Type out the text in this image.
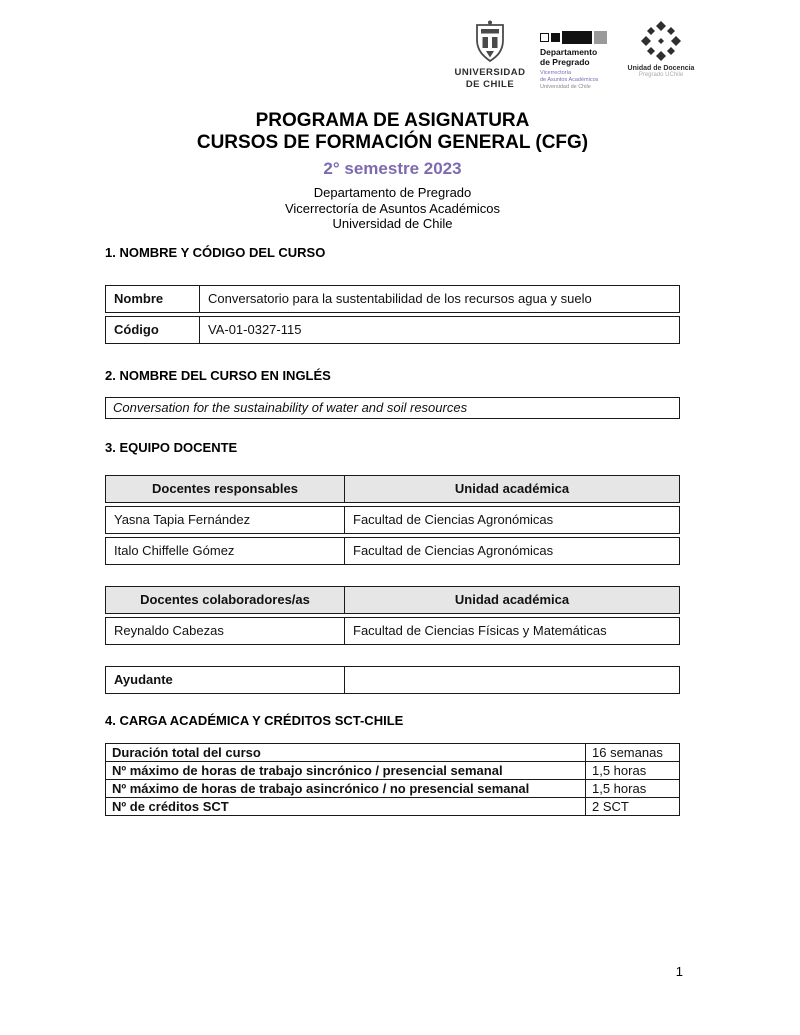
UNIVERSIDAD
DE CHILE
Departamento
de Pregrado
Vicerrectoría
de Asuntos Académicos
Universidad de Chile
Unidad de Docencia
Pregrado UChile
PROGRAMA DE ASIGNATURA
CURSOS DE FORMACIÓN GENERAL (CFG)
2° semestre 2023
Departamento de Pregrado
Vicerrectoría de Asuntos Académicos
Universidad de Chile
1. NOMBRE Y CÓDIGO DEL CURSO
Nombre	Conversatorio para la sustentabilidad de los recursos agua y suelo
Código	VA-01-0327-115
2. NOMBRE DEL CURSO EN INGLÉS
Conversation for the sustainability of water and soil resources
3. EQUIPO DOCENTE
Docentes responsables	Unidad académica
Yasna Tapia Fernández	Facultad de Ciencias Agronómicas
Italo Chiffelle Gómez	Facultad de Ciencias Agronómicas
Docentes colaboradores/as	Unidad académica
Reynaldo Cabezas	Facultad de Ciencias Físicas y Matemáticas
Ayudante	
4. CARGA ACADÉMICA Y CRÉDITOS SCT-CHILE
Duración total del curso	16 semanas
Nº máximo de horas de trabajo sincrónico / presencial semanal	1,5 horas
Nº máximo de horas de trabajo asincrónico / no presencial semanal	1,5 horas
Nº de créditos SCT	2 SCT
1
